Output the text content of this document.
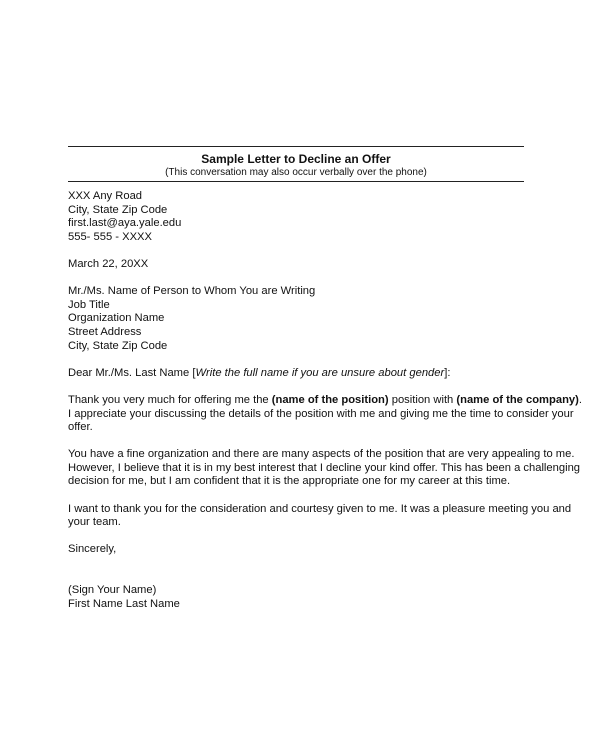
Sample Letter to Decline an Offer
(This conversation may also occur verbally over the phone)
XXX Any Road
City, State Zip Code
first.last@aya.yale.edu
555- 555 - XXXX
March 22, 20XX
Mr./Ms. Name of Person to Whom You are Writing
Job Title
Organization Name
Street Address
City, State Zip Code
Dear Mr./Ms. Last Name [Write the full name if you are unsure about gender]:
Thank you very much for offering me the (name of the position) position with (name of the company).
I appreciate your discussing the details of the position with me and giving me the time to consider your
offer.
You have a fine organization and there are many aspects of the position that are very appealing to me.
However, I believe that it is in my best interest that I decline your kind offer. This has been a challenging
decision for me, but I am confident that it is the appropriate one for my career at this time.
I want to thank you for the consideration and courtesy given to me. It was a pleasure meeting you and
your team.
Sincerely,
(Sign Your Name)
First Name Last Name
